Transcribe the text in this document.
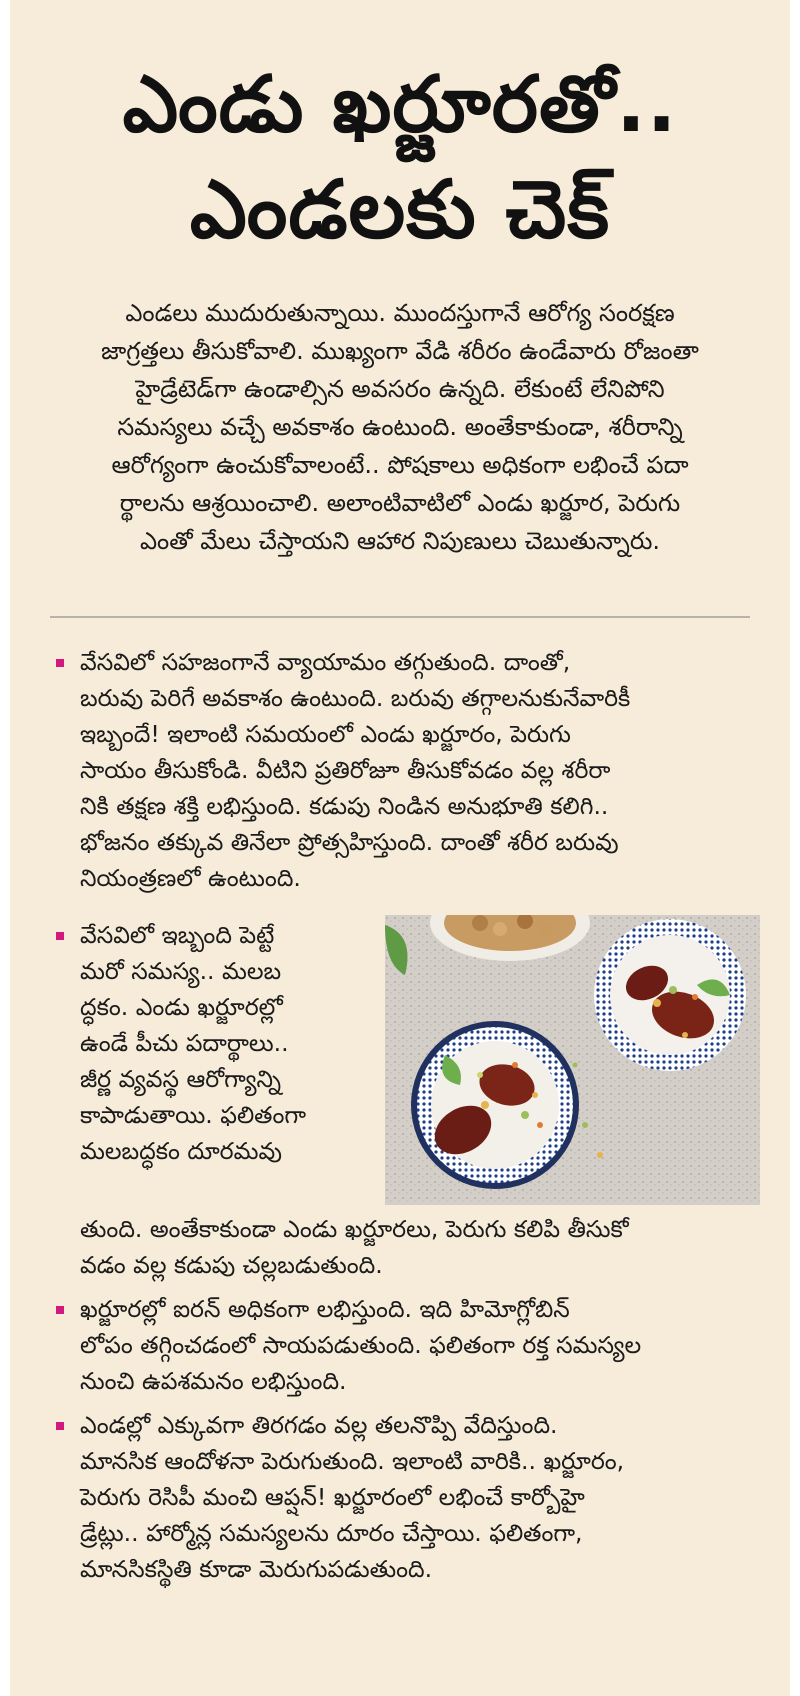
ఎండు ఖర్జూరతో..
ఎండలకు చెక్
ఎండలు ముదురుతున్నాయి. ముందస్తుగానే ఆరోగ్య సంరక్షణ
జాగ్రత్తలు తీసుకోవాలి. ముఖ్యంగా వేడి శరీరం ఉండేవారు రోజంతా
హైడ్రేటెడ్‌గా ఉండాల్సిన అవసరం ఉన్నది. లేకుంటే లేనిపోని
సమస్యలు వచ్చే అవకాశం ఉంటుంది. అంతేకాకుండా, శరీరాన్ని
ఆరోగ్యంగా ఉంచుకోవాలంటే.. పోషకాలు అధికంగా లభించే పదా
ర్థాలను ఆశ్రయించాలి. అలాంటివాటిలో ఎండు ఖర్జూర, పెరుగు
ఎంతో మేలు చేస్తాయని ఆహార నిపుణులు చెబుతున్నారు.
వేసవిలో సహజంగానే వ్యాయామం తగ్గుతుంది. దాంతో,
బరువు పెరిగే అవకాశం ఉంటుంది. బరువు తగ్గాలనుకునేవారికీ
ఇబ్బందే! ఇలాంటి సమయంలో ఎండు ఖర్జూరం, పెరుగు
సాయం తీసుకోండి. వీటిని ప్రతిరోజూ తీసుకోవడం వల్ల శరీరా
నికి తక్షణ శక్తి లభిస్తుంది. కడుపు నిండిన అనుభూతి కలిగి..
భోజనం తక్కువ తినేలా ప్రోత్సహిస్తుంది. దాంతో శరీర బరువు
నియంత్రణలో ఉంటుంది.
వేసవిలో ఇబ్బంది పెట్టే
మరో సమస్య.. మలబ
ద్ధకం. ఎండు ఖర్జూరల్లో
ఉండే పీచు పదార్థాలు..
జీర్ణ వ్యవస్థ ఆరోగ్యాన్ని
కాపాడుతాయి. ఫలితంగా
మలబద్ధకం దూరమవు
తుంది. అంతేకాకుండా ఎండు ఖర్జూరలు, పెరుగు కలిపి తీసుకో
వడం వల్ల కడుపు చల్లబడుతుంది.
ఖర్జూరల్లో ఐరన్ అధికంగా లభిస్తుంది. ఇది హిమోగ్లోబిన్
లోపం తగ్గించడంలో సాయపడుతుంది. ఫలితంగా రక్త సమస్యల
నుంచి ఉపశమనం లభిస్తుంది.
ఎండల్లో ఎక్కువగా తిరగడం వల్ల తలనొప్పి వేదిస్తుంది.
మానసిక ఆందోళనా పెరుగుతుంది. ఇలాంటి వారికి.. ఖర్జూరం,
పెరుగు రెసిపీ మంచి ఆప్షన్! ఖర్జూరంలో లభించే కార్బోహై
డ్రేట్లు.. హార్మోన్ల సమస్యలను దూరం చేస్తాయి. ఫలితంగా,
మానసికస్థితి కూడా మెరుగుపడుతుంది.
